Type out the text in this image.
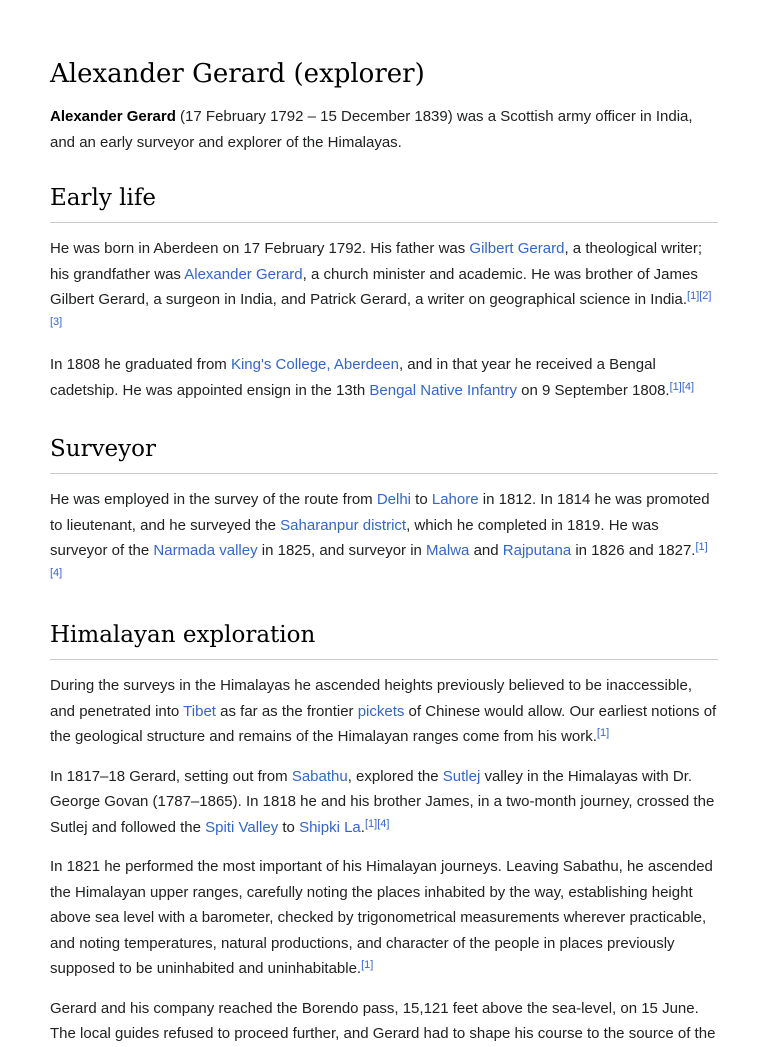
Alexander Gerard (explorer)

Alexander Gerard (17 February 1792 – 15 December 1839) was a Scottish army officer in India, and an early surveyor and explorer of the Himalayas.

Early life

He was born in Aberdeen on 17 February 1792. His father was Gilbert Gerard, a theological writer; his grandfather was Alexander Gerard, a church minister and academic. He was brother of James Gilbert Gerard, a surgeon in India, and Patrick Gerard, a writer on geographical science in India.[1][2][3]

In 1808 he graduated from King's College, Aberdeen, and in that year he received a Bengal cadetship. He was appointed ensign in the 13th Bengal Native Infantry on 9 September 1808.[1][4]

Surveyor

He was employed in the survey of the route from Delhi to Lahore in 1812. In 1814 he was promoted to lieutenant, and he surveyed the Saharanpur district, which he completed in 1819. He was surveyor of the Narmada valley in 1825, and surveyor in Malwa and Rajputana in 1826 and 1827.[1][4]

Himalayan exploration

During the surveys in the Himalayas he ascended heights previously believed to be inaccessible, and penetrated into Tibet as far as the frontier pickets of Chinese would allow. Our earliest notions of the geological structure and remains of the Himalayan ranges come from his work.[1]

In 1817–18 Gerard, setting out from Sabathu, explored the Sutlej valley in the Himalayas with Dr. George Govan (1787–1865). In 1818 he and his brother James, in a two-month journey, crossed the Sutlej and followed the Spiti Valley to Shipki La.[1][4]

In 1821 he performed the most important of his Himalayan journeys. Leaving Sabathu, he ascended the Himalayan upper ranges, carefully noting the places inhabited by the way, establishing height above sea level with a barometer, checked by trigonometrical measurements wherever practicable, and noting temperatures, natural productions, and character of the people in places previously supposed to be uninhabited and uninhabitable.[1]

Gerard and his company reached the Borendo pass, 15,121 feet above the sea-level, on 15 June. The local guides refused to proceed further, and Gerard had to shape his course to the source of the
